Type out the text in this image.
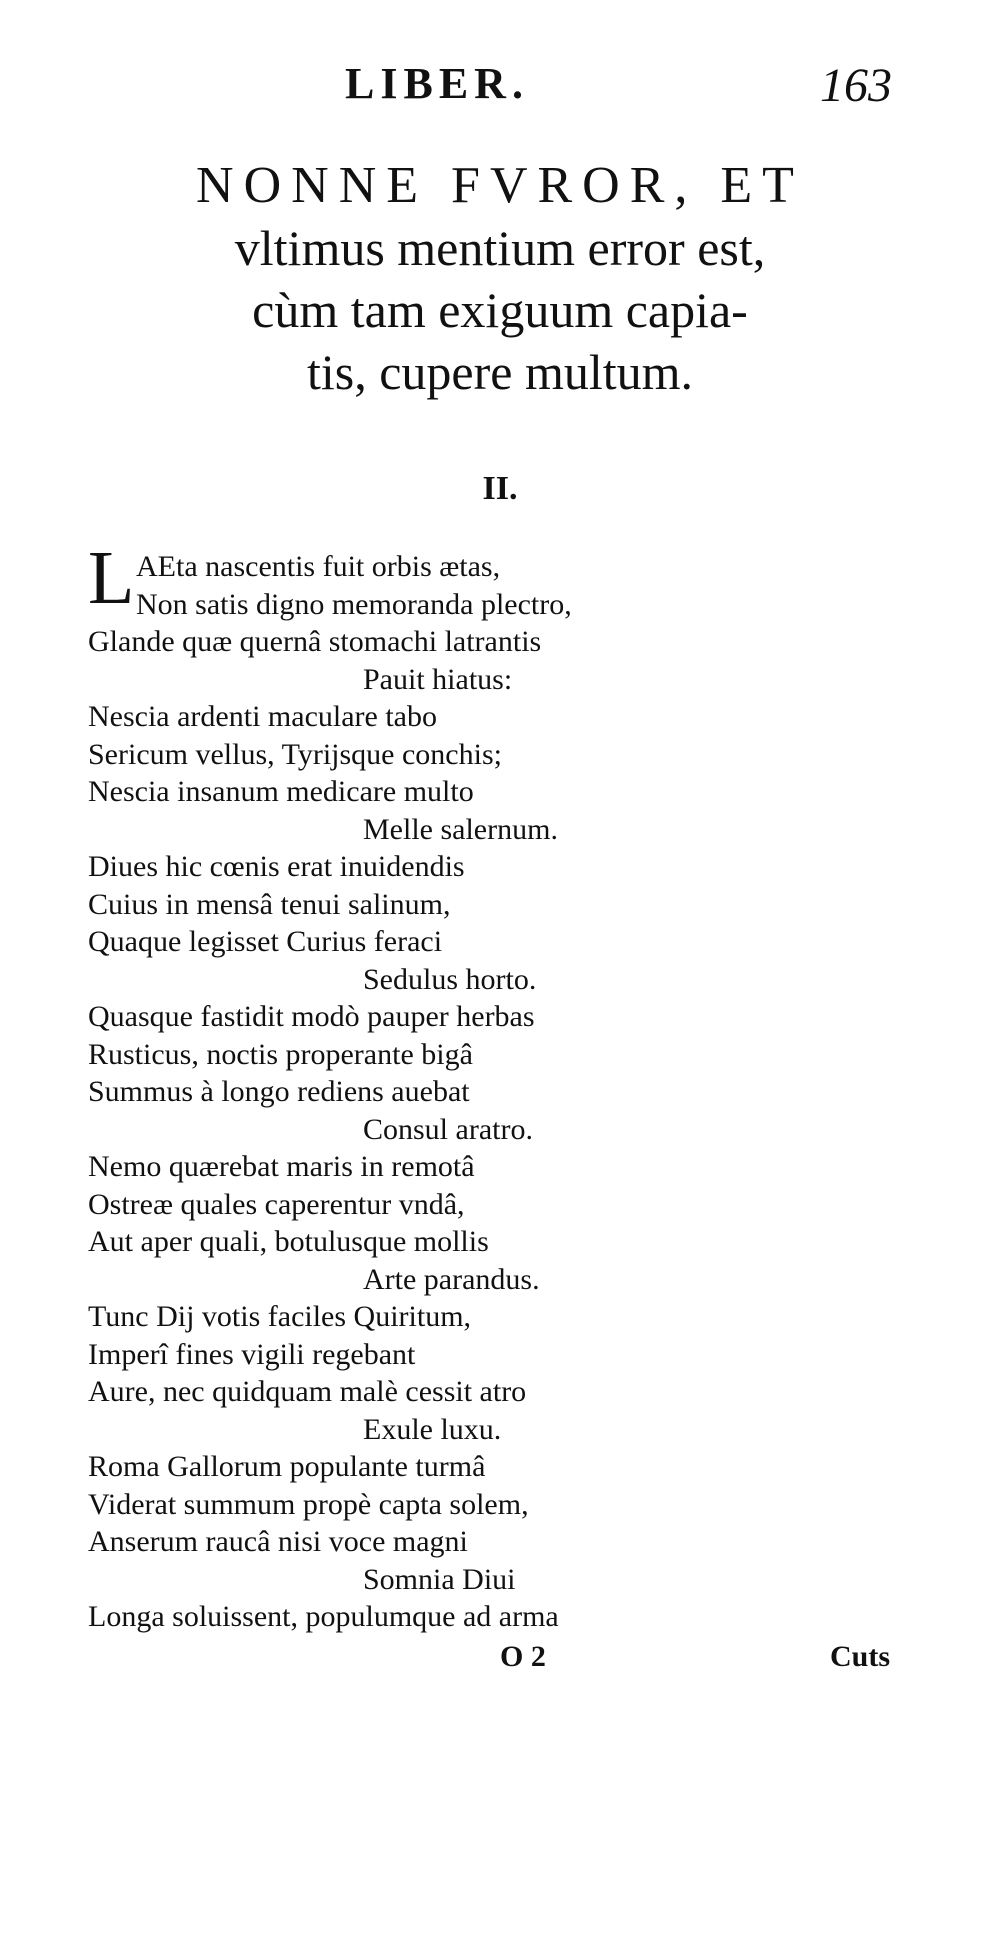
LIBER.	163
NONNE FVROR, ET
vltimus mentium error est,
cùm tam exiguum capia-
tis, cupere multum.
II.
L AEta nascentis fuit orbis ætas,
Non satis digno memoranda plectro,
Glande quæ quernâ stomachi latrantis
Pauit hiatus:
Nescia ardenti maculare tabo
Sericum vellus, Tyrijsque conchis;
Nescia insanum medicare multo
Melle salernum.
Diues hic cœnis erat inuidendis
Cuius in mensâ tenui salinum,
Quaque legisset Curius feraci
Sedulus horto.
Quasque fastidit modò pauper herbas
Rusticus, noctis properante bigâ
Summus à longo rediens auebat
Consul aratro.
Nemo quærebat maris in remotâ
Ostreæ quales caperentur vndâ,
Aut aper quali, botulusque mollis
Arte parandus.
Tunc Dij votis faciles Quiritum,
Imperî fines vigili regebant
Aure, nec quidquam malè cessit atro
Exule luxu.
Roma Gallorum populante turmâ
Viderat summum propè capta solem,
Anserum raucâ nisi voce magni
Somnia Diui
Longa soluissent, populumque ad arma
O 2	Cuts
